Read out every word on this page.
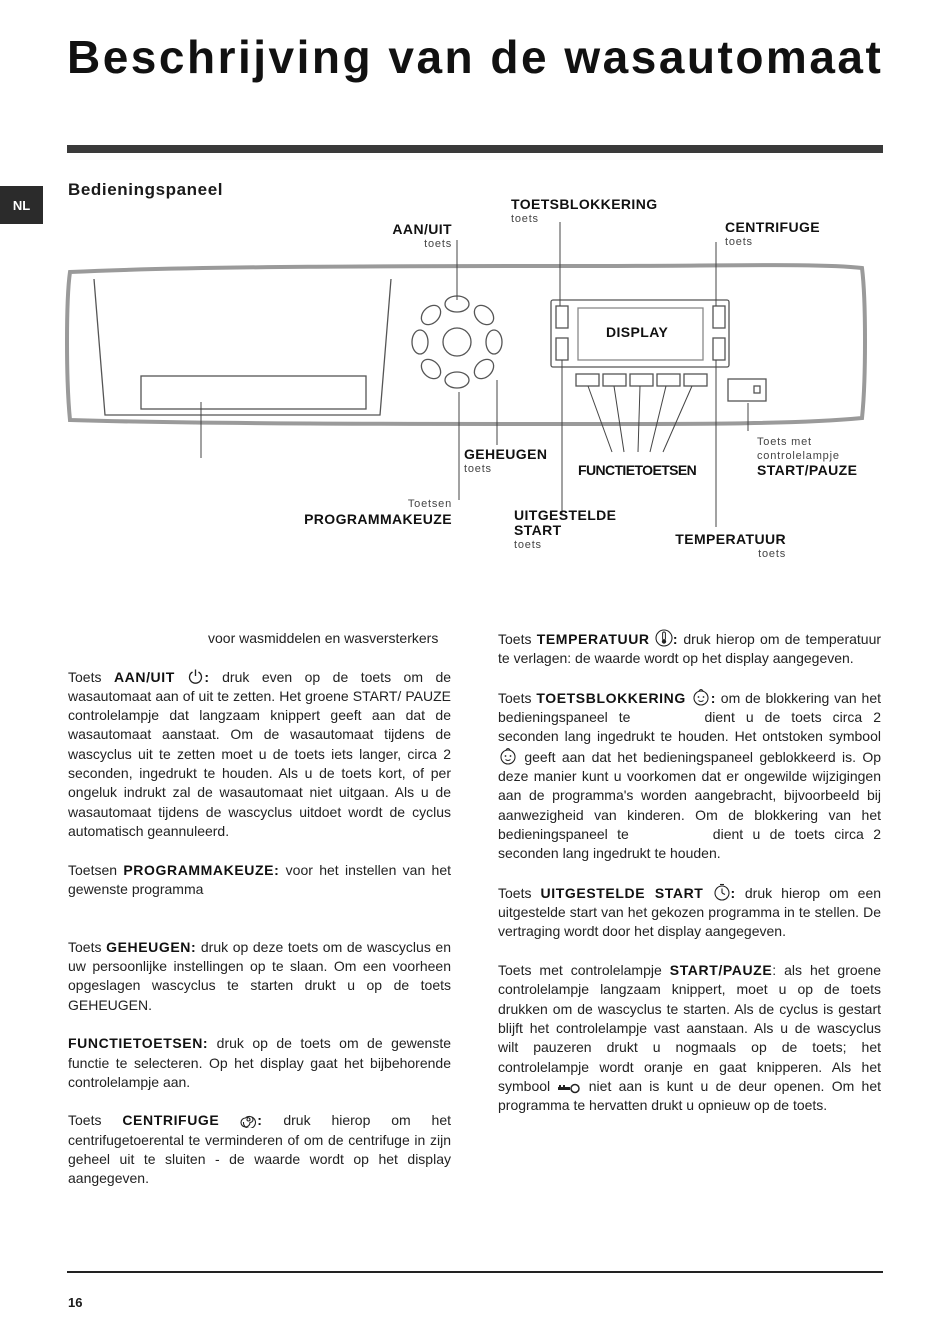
Beschrijving van de wasautomaat
NL
Bedieningspaneel
AAN/UIT
toets
TOETSBLOKKERING
toets	CENTRIFUGE
toets
DISPLAY
GEHEUGEN
toets	FUNCTIETOETSEN
Toets met controlelampje
START/PAUZE
Toetsen
PROGRAMMAKEUZE	UITGESTELDE
START
toets	TEMPERATUUR
toets

voor wasmiddelen en wasversterkers

Toets AAN/UIT : druk even op de toets om de wasautomaat aan of uit te zetten. Het groene START/ PAUZE controlelampje dat langzaam knippert geeft aan dat de wasautomaat aanstaat. Om de wasautomaat tijdens de wascyclus uit te zetten moet u de toets iets langer, circa 2 seconden, ingedrukt te houden. Als u de toets kort, of per ongeluk indrukt zal de wasautomaat niet uitgaan. Als u de wasautomaat tijdens de wascyclus uitdoet wordt de cyclus automatisch geannuleerd.

Toetsen PROGRAMMAKEUZE: voor het instellen van het gewenste programma

Toets GEHEUGEN: druk op deze toets om de wascyclus en uw persoonlijke instellingen op te slaan. Om een voorheen opgeslagen wascyclus te starten drukt u op de toets GEHEUGEN.

FUNCTIETOETSEN: druk op de toets om de gewenste functie te selecteren. Op het display gaat het bijbehorende controlelampje aan.

Toets CENTRIFUGE	: druk hierop om het centrifugetoerental te verminderen of om de centrifuge in zijn geheel uit te sluiten - de waarde wordt op het display aangegeven.

Toets TEMPERATUUR : druk hierop om de temperatuur te verlagen: de waarde wordt op het display aangegeven.

Toets TOETSBLOKKERING : om de blokkering van het bedieningspaneel te	dient u de toets circa 2 seconden lang ingedrukt te houden. Het ontstoken symbool  geeft aan dat het bedieningspaneel geblokkeerd is. Op deze manier kunt u voorkomen dat er ongewilde wijzigingen aan de programma's worden aangebracht, bijvoorbeeld bij aanwezigheid van kinderen. Om de blokkering van het bedieningspaneel te	dient u de toets circa 2 seconden lang ingedrukt te houden.

Toets UITGESTELDE START : druk hierop om een uitgestelde start van het gekozen programma in te stellen. De vertraging wordt door het display aangegeven.

Toets met controlelampje START/PAUZE: als het groene controlelampje langzaam knippert, moet u op de toets drukken om de wascyclus te starten. Als de cyclus is gestart blijft het controlelampje vast aanstaan. Als u de wascyclus wilt pauzeren drukt u nogmaals op de toets; het controlelampje wordt oranje en gaat knipperen. Als het symbool	niet aan is kunt u de deur openen. Om het programma te hervatten drukt u opnieuw op de toets.

16
